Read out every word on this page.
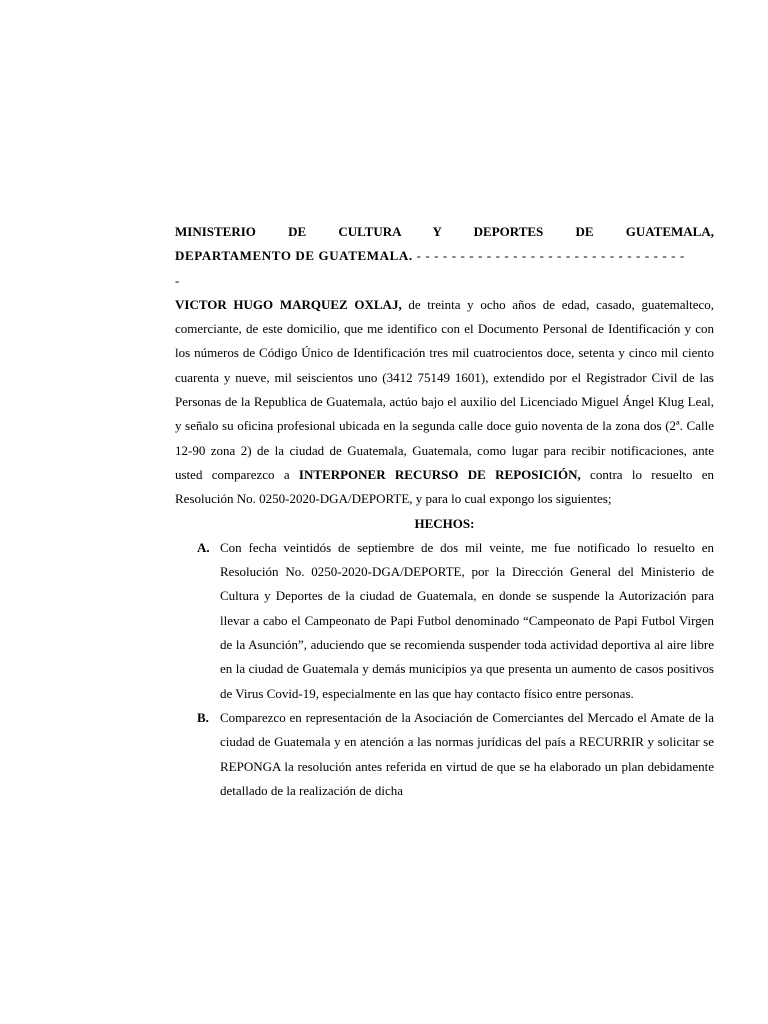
MINISTERIO DE CULTURA Y DEPORTES DE GUATEMALA,

DEPARTAMENTO DE GUATEMALA. - - - - - - - - - - - - - - - - - - - - - - - - - - - - - - -

-

VICTOR HUGO MARQUEZ OXLAJ, de treinta y ocho años de edad, casado, guatemalteco, comerciante, de este domicilio, que me identifico con el Documento Personal de Identificación y con los números de Código Único de Identificación tres mil cuatrocientos doce, setenta y cinco mil ciento cuarenta y nueve, mil seiscientos uno (3412 75149 1601), extendido por el Registrador Civil de las Personas de la Republica de Guatemala, actúo bajo el auxilio del Licenciado Miguel Ángel Klug Leal, y señalo su oficina profesional ubicada en la segunda calle doce guio noventa de la zona dos (2ª. Calle 12-90 zona 2) de la ciudad de Guatemala, Guatemala, como lugar para recibir notificaciones, ante usted comparezco a INTERPONER RECURSO DE REPOSICIÓN, contra lo resuelto en Resolución No. 0250-2020-DGA/DEPORTE, y para lo cual expongo los siguientes;

HECHOS:

A. Con fecha veintidós de septiembre de dos mil veinte, me fue notificado lo resuelto en Resolución No. 0250-2020-DGA/DEPORTE, por la Dirección General del Ministerio de Cultura y Deportes de la ciudad de Guatemala, en donde se suspende la Autorización para llevar a cabo el Campeonato de Papi Futbol denominado “Campeonato de Papi Futbol Virgen de la Asunción”, aduciendo que se recomienda suspender toda actividad deportiva al aire libre en la ciudad de Guatemala y demás municipios ya que presenta un aumento de casos positivos de Virus Covid-19, especialmente en las que hay contacto físico entre personas.
B. Comparezco en representación de la Asociación de Comerciantes del Mercado el Amate de la ciudad de Guatemala y en atención a las normas jurídicas del país a RECURRIR y solicitar se REPONGA la resolución antes referida en virtud de que se ha elaborado un plan debidamente detallado de la realización de dicha
